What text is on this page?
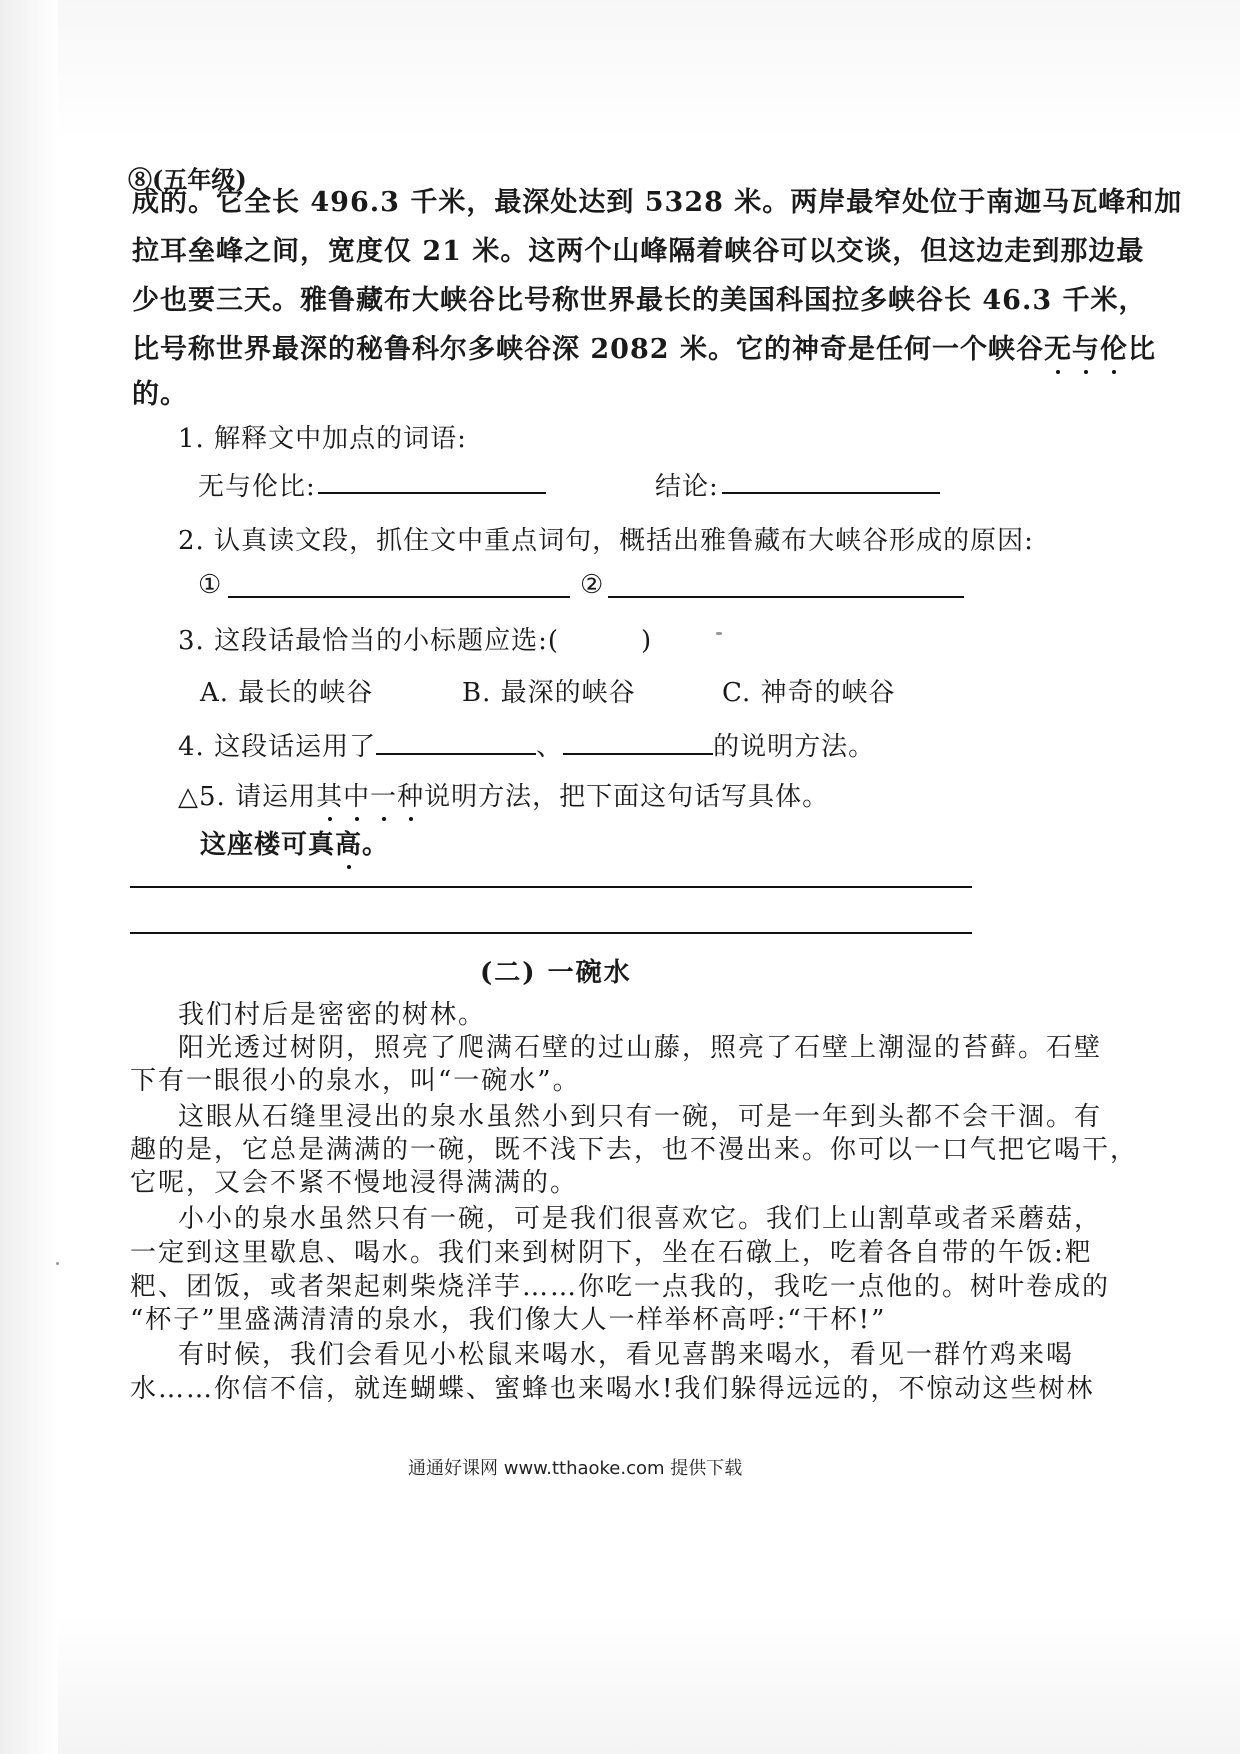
⑧(五年级)
成的。它全长 496.3 千米，最深处达到 5328 米。两岸最窄处位于南迦马瓦峰和加
拉耳垒峰之间，宽度仅 21 米。这两个山峰隔着峡谷可以交谈，但这边走到那边最
少也要三天。雅鲁藏布大峡谷比号称世界最长的美国科国拉多峡谷长 46.3 千米，
比号称世界最深的秘鲁科尔多峡谷深 2082 米。它的神奇是任何一个峡谷无与伦比
的。
1. 解释文中加点的词语:
无与伦比:	结论:
2. 认真读文段，抓住文中重点词句，概括出雅鲁藏布大峡谷形成的原因:
①	②
3. 这段话最恰当的小标题应选:(	)
A. 最长的峡谷	B. 最深的峡谷	C. 神奇的峡谷
4. 这段话运用了	、	的说明方法。
△5. 请运用其中一种说明方法，把下面这句话写具体。
这座楼可真高。
(二) 一碗水
我们村后是密密的树林。
阳光透过树阴，照亮了爬满石壁的过山藤，照亮了石壁上潮湿的苔藓。石壁
下有一眼很小的泉水，叫“一碗水”。
这眼从石缝里浸出的泉水虽然小到只有一碗，可是一年到头都不会干涸。有
趣的是，它总是满满的一碗，既不浅下去，也不漫出来。你可以一口气把它喝干，
它呢，又会不紧不慢地浸得满满的。
小小的泉水虽然只有一碗，可是我们很喜欢它。我们上山割草或者采蘑菇，
一定到这里歇息、喝水。我们来到树阴下，坐在石礅上，吃着各自带的午饭:粑
粑、团饭，或者架起刺柴烧洋芋……你吃一点我的，我吃一点他的。树叶卷成的
“杯子”里盛满清清的泉水，我们像大人一样举杯高呼:“干杯!”
有时候，我们会看见小松鼠来喝水，看见喜鹊来喝水，看见一群竹鸡来喝
水……你信不信，就连蝴蝶、蜜蜂也来喝水!我们躲得远远的，不惊动这些树林
通通好课网 www.tthaoke.com 提供下载
